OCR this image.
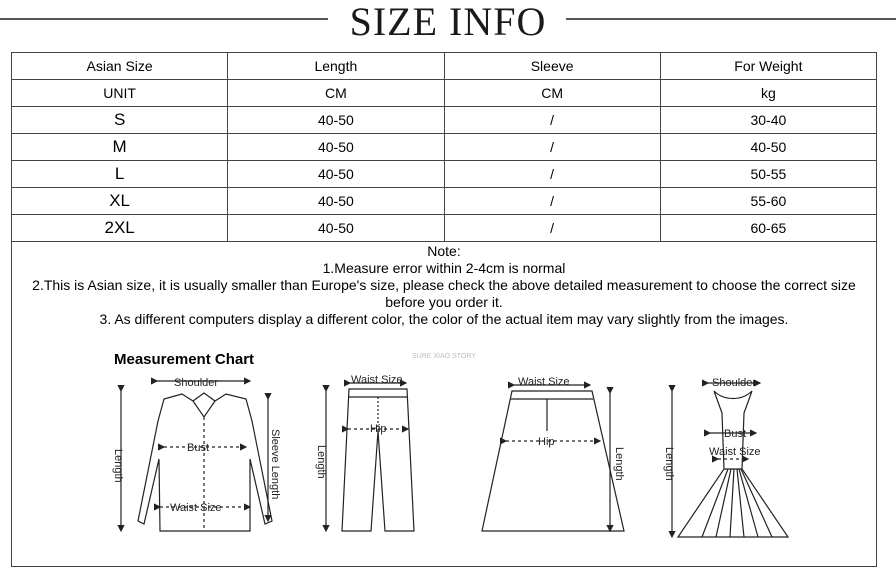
SIZE INFO
Asian Size	Length	Sleeve	For Weight
UNIT	CM	CM	kg
S	40-50	/	30-40
M	40-50	/	40-50
L	40-50	/	50-55
XL	40-50	/	55-60
2XL	40-50	/	60-65
Note:
1.Measure error within 2-4cm is normal
2.This is Asian size, it is usually smaller than Europe's size, please check the above detailed measurement to choose the correct size
before you order it.
3. As different computers display a different color, the color of the actual item may vary slightly from the images.
Measurement Chart	SURE XIAO STORY
Shoulder
Bust
Waist Size
Length	Sleeve Length
Waist Size
Hip
Length
Waist Size
Hip
Length
Shoulder
Bust
Waist Size
Length
